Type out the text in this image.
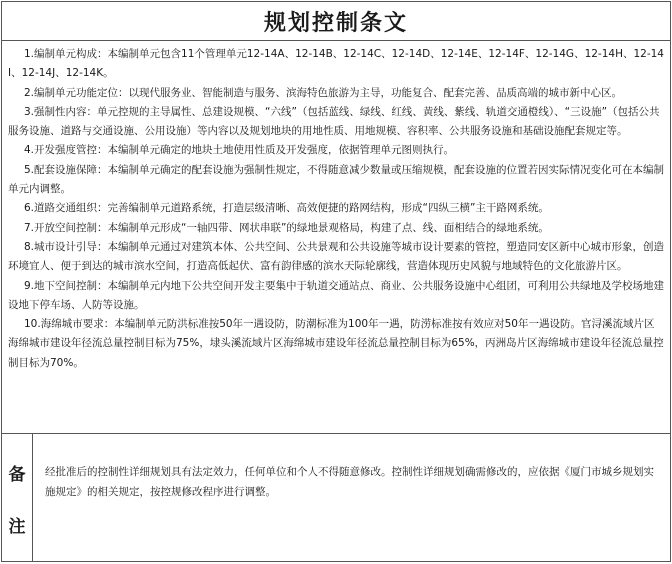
规划控制条文

1.编制单元构成：本编制单元包含11个管理单元12-14A、12-14B、12-14C、12-14D、12-14E、12-14F、12-14G、12-14H、12-14I、12-14J、12-14K。

2.编制单元功能定位：以现代服务业、智能制造与服务、滨海特色旅游为主导，功能复合、配套完善、品质高端的城市新中心区。

3.强制性内容：单元控规的主导属性、总建设规模、“六线”（包括蓝线、绿线、红线、黄线、紫线、轨道交通橙线）、“三设施”（包括公共服务设施、道路与交通设施、公用设施）等内容以及规划地块的用地性质、用地规模、容积率、公共服务设施和基础设施配套规定等。

4.开发强度管控：本编制单元确定的地块土地使用性质及开发强度，依据管理单元图则执行。

5.配套设施保障：本编制单元确定的配套设施为强制性规定，不得随意减少数量或压缩规模，配套设施的位置若因实际情况变化可在本编制单元内调整。

6.道路交通组织：完善编制单元道路系统，打造层级清晰、高效便捷的路网结构，形成“四纵三横”主干路网系统。

7.开放空间控制：本编制单元形成“一轴四带、网状串联”的绿地景观格局，构建了点、线、面相结合的绿地系统。

8.城市设计引导：本编制单元通过对建筑本体、公共空间、公共景观和公共设施等城市设计要素的管控，塑造同安区新中心城市形象，创造环境宜人、便于到达的城市滨水空间，打造高低起伏、富有韵律感的滨水天际轮廓线，营造体现历史风貌与地域特色的文化旅游片区。

9.地下空间控制：本编制单元内地下公共空间开发主要集中于轨道交通站点、商业、公共服务设施中心组团，可利用公共绿地及学校场地建设地下停车场、人防等设施。

10.海绵城市要求：本编制单元防洪标准按50年一遇设防，防潮标准为100年一遇，防涝标准按有效应对50年一遇设防。官浔溪流域片区海绵城市建设年径流总量控制目标为75%，埭头溪流域片区海绵城市建设年径流总量控制目标为65%，丙洲岛片区海绵城市建设年径流总量控制目标为70%。

备
注

经批准后的控制性详细规划具有法定效力，任何单位和个人不得随意修改。控制性详细规划确需修改的，应依据《厦门市城乡规划实施规定》的相关规定，按控规修改程序进行调整。
